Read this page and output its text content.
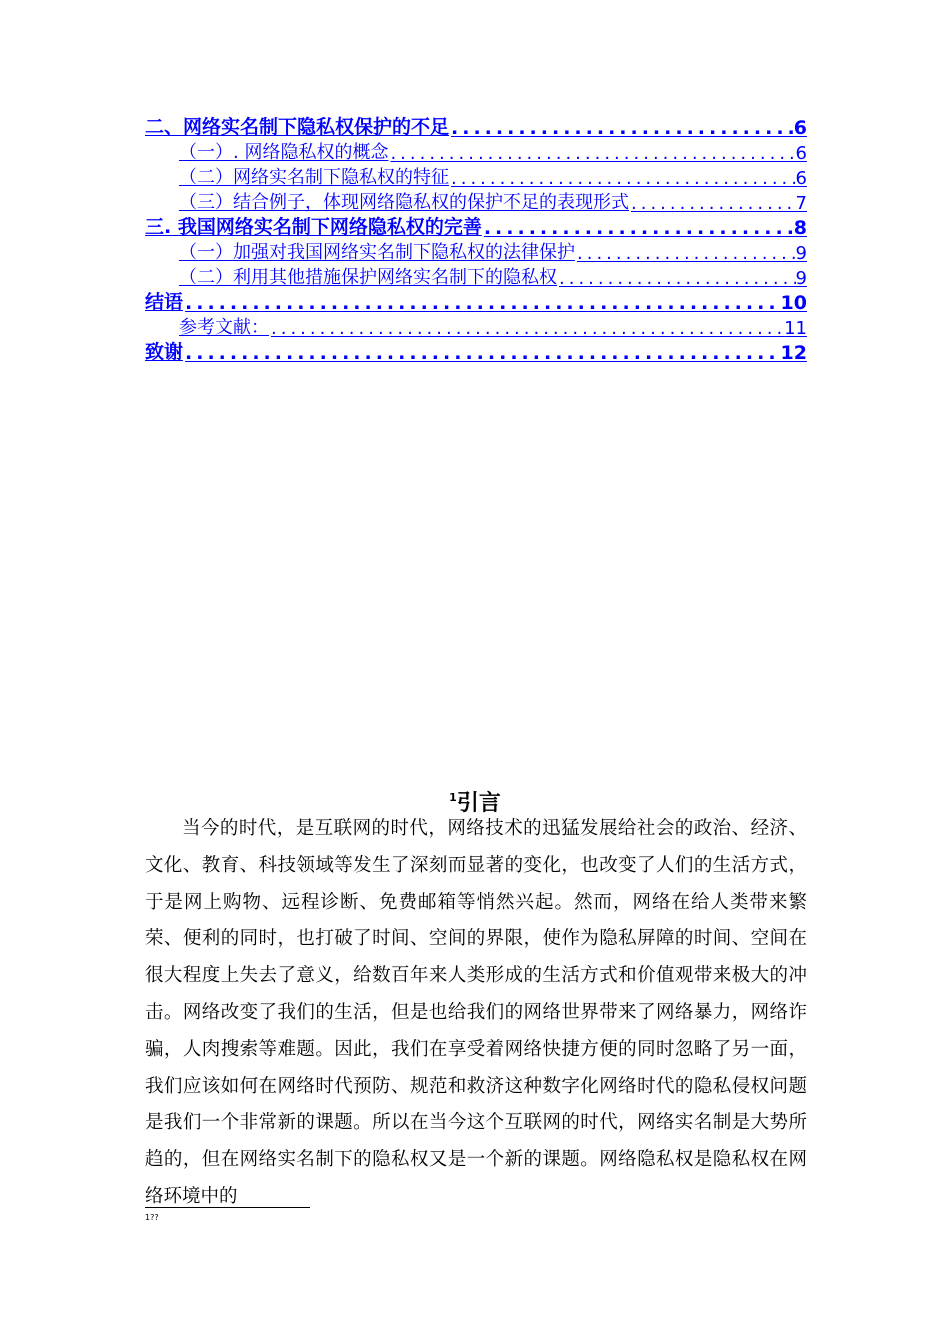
二、网络实名制下隐私权保护的不足 .....	6
（一）. 网络隐私权的概念 .....	6
（二）网络实名制下隐私权的特征 .....	6
（三）结合例子，体现网络隐私权的保护不足的表现形式 .....	7
三. 我国网络实名制下网络隐私权的完善 .....	8
（一）加强对我国网络实名制下隐私权的法律保护 .....	9
（二）利用其他措施保护网络实名制下的隐私权 .....	9
结语 .....	10
参考文献： .....	11
致谢 .....	12
$^1$引言
当今的时代，是互联网的时代，网络技术的迅猛发展给社会的政治、经济、文化、教育、科技领域等发生了深刻而显著的变化，也改变了人们的生活方式，于是网上购物、远程诊断、免费邮箱等悄然兴起。然而，网络在给人类带来繁荣、便利的同时，也打破了时间、空间的界限，使作为隐私屏障的时间、空间在很大程度上失去了意义，给数百年来人类形成的生活方式和价值观带来极大的冲击。网络改变了我们的生活，但是也给我们的网络世界带来了网络暴力，网络诈骗，人肉搜索等难题。因此，我们在享受着网络快捷方便的同时忽略了另一面，我们应该如何在网络时代预防、规范和救济这种数字化网络时代的隐私侵权问题是我们一个非常新的课题。所以在当今这个互联网的时代，网络实名制是大势所趋的，但在网络实名制下的隐私权又是一个新的课题。网络隐私权是隐私权在网络环境中的
1??
